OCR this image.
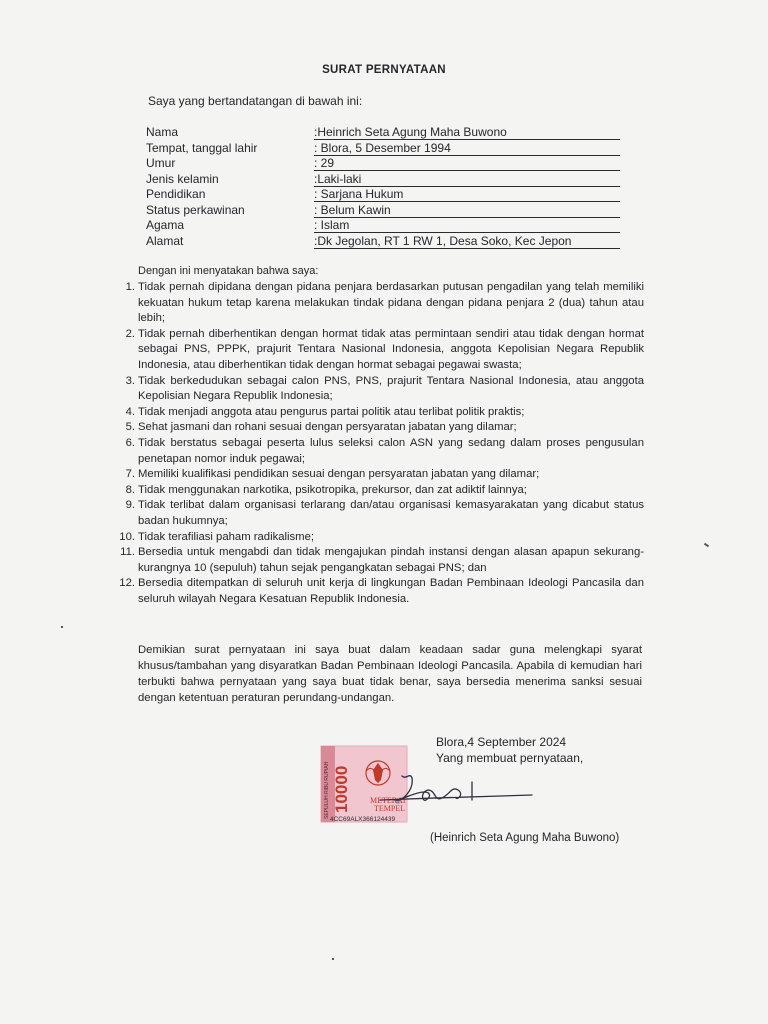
SURAT PERNYATAAN
Saya yang bertandatangan di bawah ini:
Nama	:Heinrich Seta Agung Maha Buwono
Tempat, tanggal lahir	: Blora, 5 Desember 1994
Umur	: 29
Jenis kelamin	:Laki-laki
Pendidikan	: Sarjana Hukum
Status perkawinan	: Belum Kawin
Agama	: Islam
Alamat	:Dk Jegolan, RT 1 RW 1, Desa Soko, Kec Jepon
Dengan ini menyatakan bahwa saya:
1. Tidak pernah dipidana dengan pidana penjara berdasarkan putusan pengadilan yang telah memiliki kekuatan hukum tetap karena melakukan tindak pidana dengan pidana penjara 2 (dua) tahun atau lebih;
2. Tidak pernah diberhentikan dengan hormat tidak atas permintaan sendiri atau tidak dengan hormat sebagai PNS, PPPK, prajurit Tentara Nasional Indonesia, anggota Kepolisian Negara Republik Indonesia, atau diberhentikan tidak dengan hormat sebagai pegawai swasta;
3. Tidak berkedudukan sebagai calon PNS, PNS, prajurit Tentara Nasional Indonesia, atau anggota Kepolisian Negara Republik Indonesia;
4. Tidak menjadi anggota atau pengurus partai politik atau terlibat politik praktis;
5. Sehat jasmani dan rohani sesuai dengan persyaratan jabatan yang dilamar;
6. Tidak berstatus sebagai peserta lulus seleksi calon ASN yang sedang dalam proses pengusulan penetapan nomor induk pegawai;
7. Memiliki kualifikasi pendidikan sesuai dengan persyaratan jabatan yang dilamar;
8. Tidak menggunakan narkotika, psikotropika, prekursor, dan zat adiktif lainnya;
9. Tidak terlibat dalam organisasi terlarang dan/atau organisasi kemasyarakatan yang dicabut status badan hukumnya;
10. Tidak terafiliasi paham radikalisme;
11. Bersedia untuk mengabdi dan tidak mengajukan pindah instansi dengan alasan apapun sekurang-kurangnya 10 (sepuluh) tahun sejak pengangkatan sebagai PNS; dan
12. Bersedia ditempatkan di seluruh unit kerja di lingkungan Badan Pembinaan Ideologi Pancasila dan seluruh wilayah Negara Kesatuan Republik Indonesia.
Demikian surat pernyataan ini saya buat dalam keadaan sadar guna melengkapi syarat khusus/tambahan yang disyaratkan Badan Pembinaan Ideologi Pancasila. Apabila di kemudian hari terbukti bahwa pernyataan yang saya buat tidak benar, saya bersedia menerima sanksi sesuai dengan ketentuan peraturan perundang-undangan.
Blora,4 September 2024
Yang membuat pernyataan,
SEPULUH RIBU RUPIAH 10000 METERAI
TEMPEL
4CC69ALX366124439
(Heinrich Seta Agung Maha Buwono)
